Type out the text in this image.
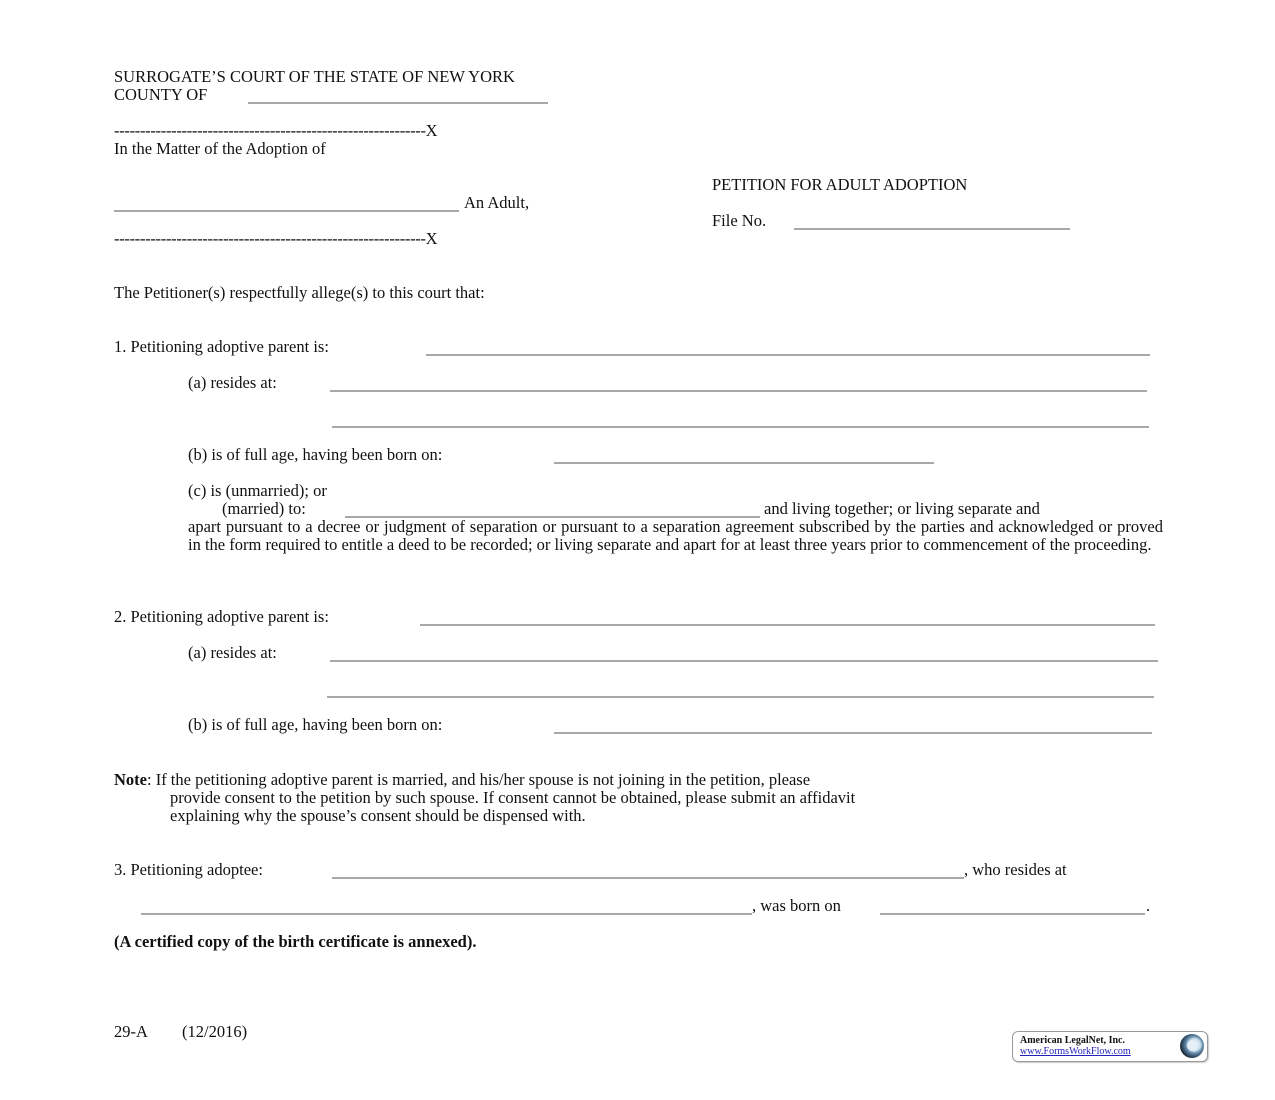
SURROGATE’S COURT OF THE STATE OF NEW YORK
COUNTY OF
------------------------------------------------------------X
In the Matter of the Adoption of
An Adult,
------------------------------------------------------------X
PETITION FOR ADULT ADOPTION
File No.
The Petitioner(s) respectfully allege(s) to this court that:
1. Petitioning adoptive parent is:
(a) resides at:
(b) is of full age, having been born on:
(c) is (unmarried); or
(married) to:	and living together; or living separate and
apart pursuant to a decree or judgment of separation or pursuant to a separation agreement subscribed by the parties and acknowledged or proved in the form required to entitle a deed to be recorded; or living separate and apart for at least three years prior to commencement of the proceeding.
2. Petitioning adoptive parent is:
(a) resides at:
(b) is of full age, having been born on:
Note: If the petitioning adoptive parent is married, and his/her spouse is not joining in the petition, please
provide consent to the petition by such spouse. If consent cannot be obtained, please submit an affidavit
explaining why the spouse’s consent should be dispensed with.
3. Petitioning adoptee:	, who resides at
, was born on	.
(A certified copy of the birth certificate is annexed).
29-A (12/2016)	American LegalNet, Inc.
www.FormsWorkFlow.com
